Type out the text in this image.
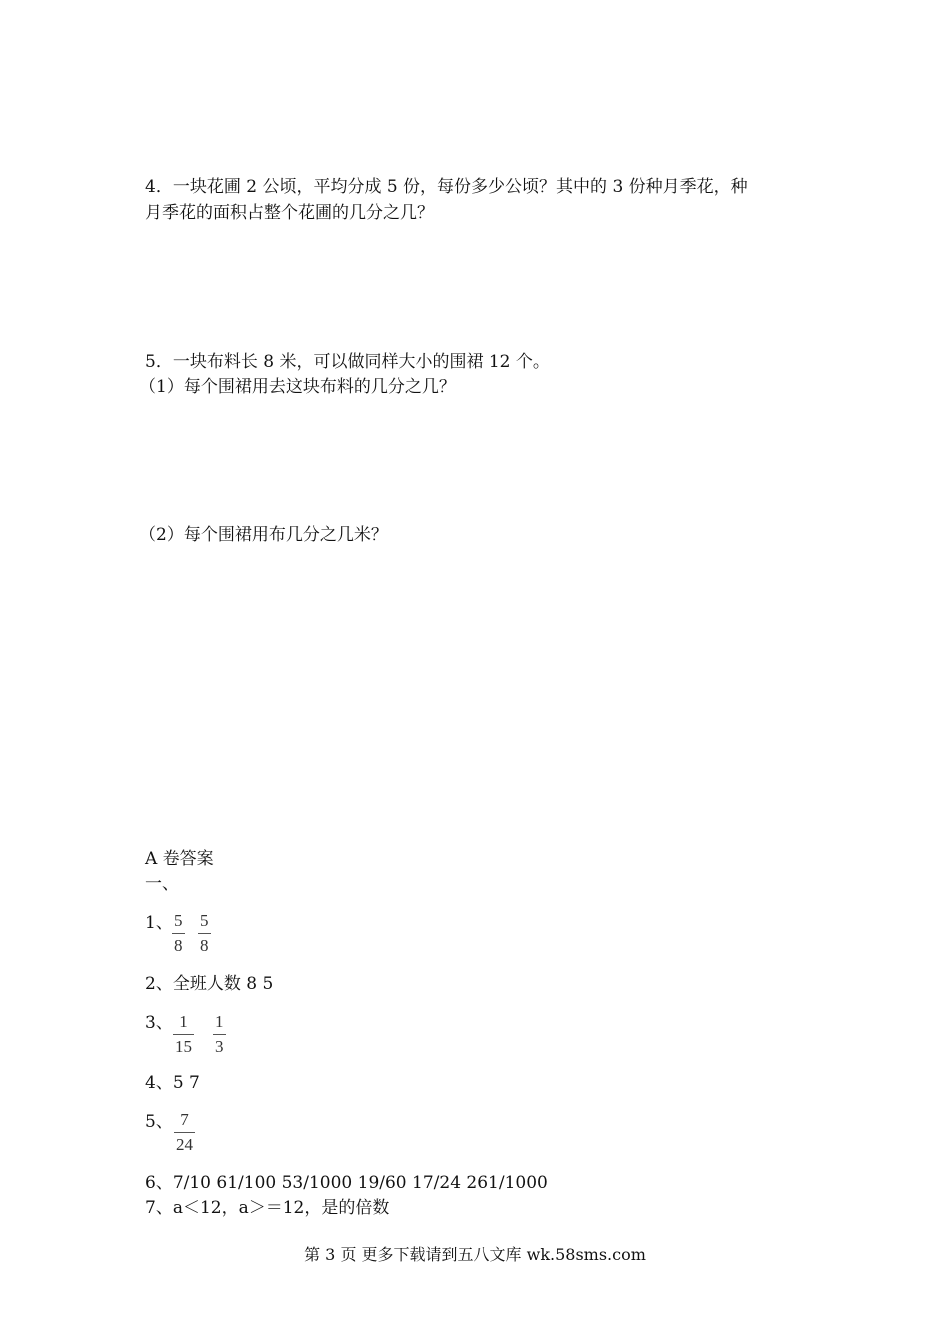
4．一块花圃 2 公顷，平均分成 5 份，每份多少公顷？其中的 3 份种月季花，种
月季花的面积占整个花圃的几分之几？
5．一块布料长 8 米，可以做同样大小的围裙 12 个。
（1）每个围裙用去这块布料的几分之几？
（2）每个围裙用布几分之几米？
A 卷答案
一、
1、 5
8
5
8
2、全班人数 8 5
3、 1
15
1
3
4、5 7
5、 7
24
6、7/10 61/100 53/1000 19/60 17/24 261/1000
7、a＜12，a＞＝12，是的倍数
第 3 页 更多下载请到五八文库 wk.58sms.com
